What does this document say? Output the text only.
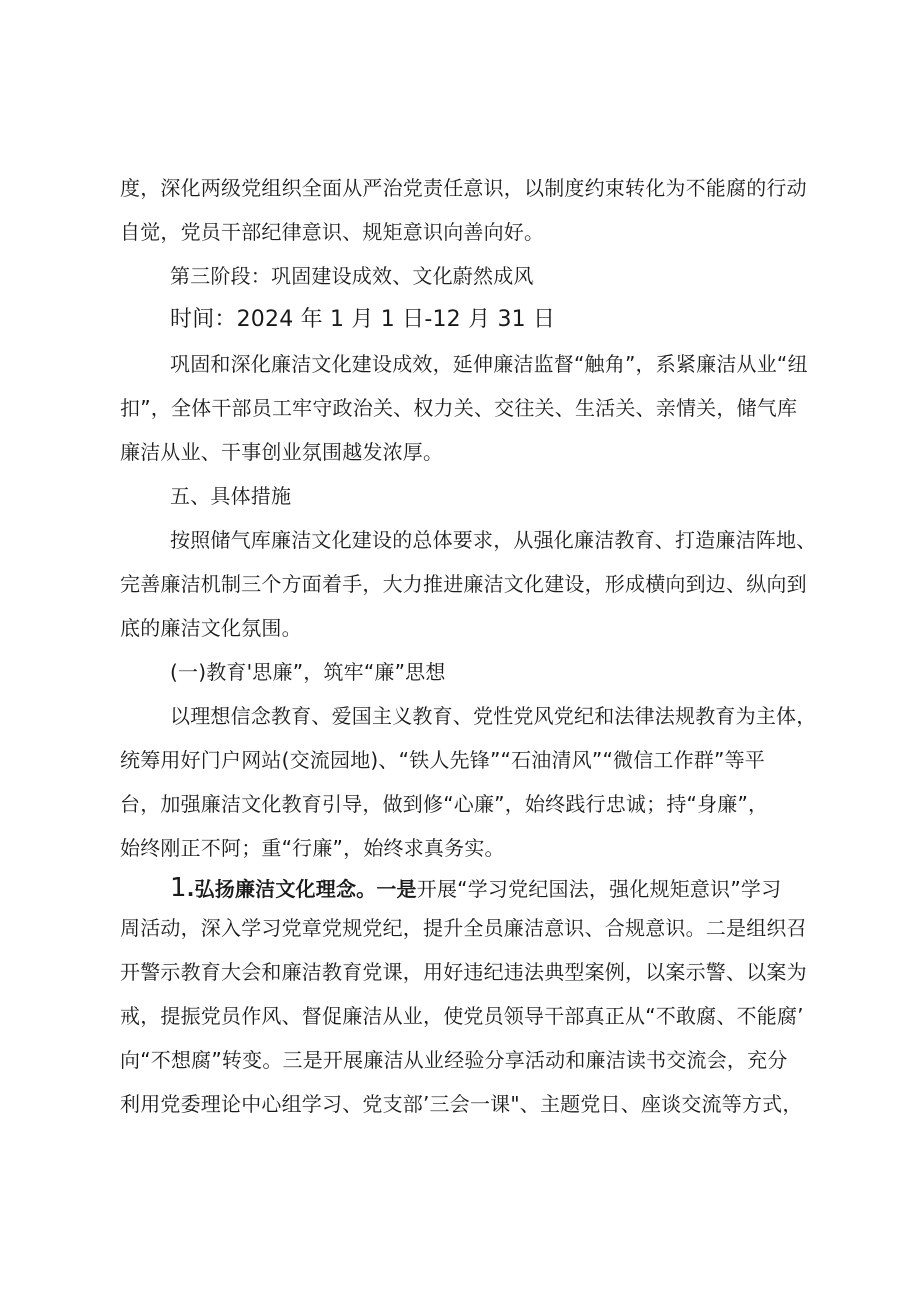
度，深化两级党组织全面从严治党责任意识，以制度约束转化为不能腐的行动
自觉，党员干部纪律意识、规矩意识向善向好。
第三阶段：巩固建设成效、文化蔚然成风
时间：2024 年 1 月 1 日-12 月 31 日
巩固和深化廉洁文化建设成效，延伸廉洁监督“触角”，系紧廉洁从业“纽
扣”，全体干部员工牢守政治关、权力关、交往关、生活关、亲情关，储气库
廉洁从业、干事创业氛围越发浓厚。
五、具体措施
按照储气库廉洁文化建设的总体要求，从强化廉洁教育、打造廉洁阵地、
完善廉洁机制三个方面着手，大力推进廉洁文化建设，形成横向到边、纵向到
底的廉洁文化氛围。
(一)教育'思廉”，筑牢“廉”思想
以理想信念教育、爱国主义教育、党性党风党纪和法律法规教育为主体，
统筹用好门户网站(交流园地)、“铁人先锋”“石油清风”“微信工作群”等平
台，加强廉洁文化教育引导，做到修“心廉”，始终践行忠诚；持“身廉”，
始终刚正不阿；重“行廉”，始终求真务实。
1.弘扬廉洁文化理念。一是开展“学习党纪国法，强化规矩意识”学习
周活动，深入学习党章党规党纪，提升全员廉洁意识、合规意识。二是组织召
开警示教育大会和廉洁教育党课，用好违纪违法典型案例，以案示警、以案为
戒，提振党员作风、督促廉洁从业，使党员领导干部真正从“不敢腐、不能腐’
向“不想腐”转变。三是开展廉洁从业经验分享活动和廉洁读书交流会，充分
利用党委理论中心组学习、党支部’三会一课"、主题党日、座谈交流等方式，
